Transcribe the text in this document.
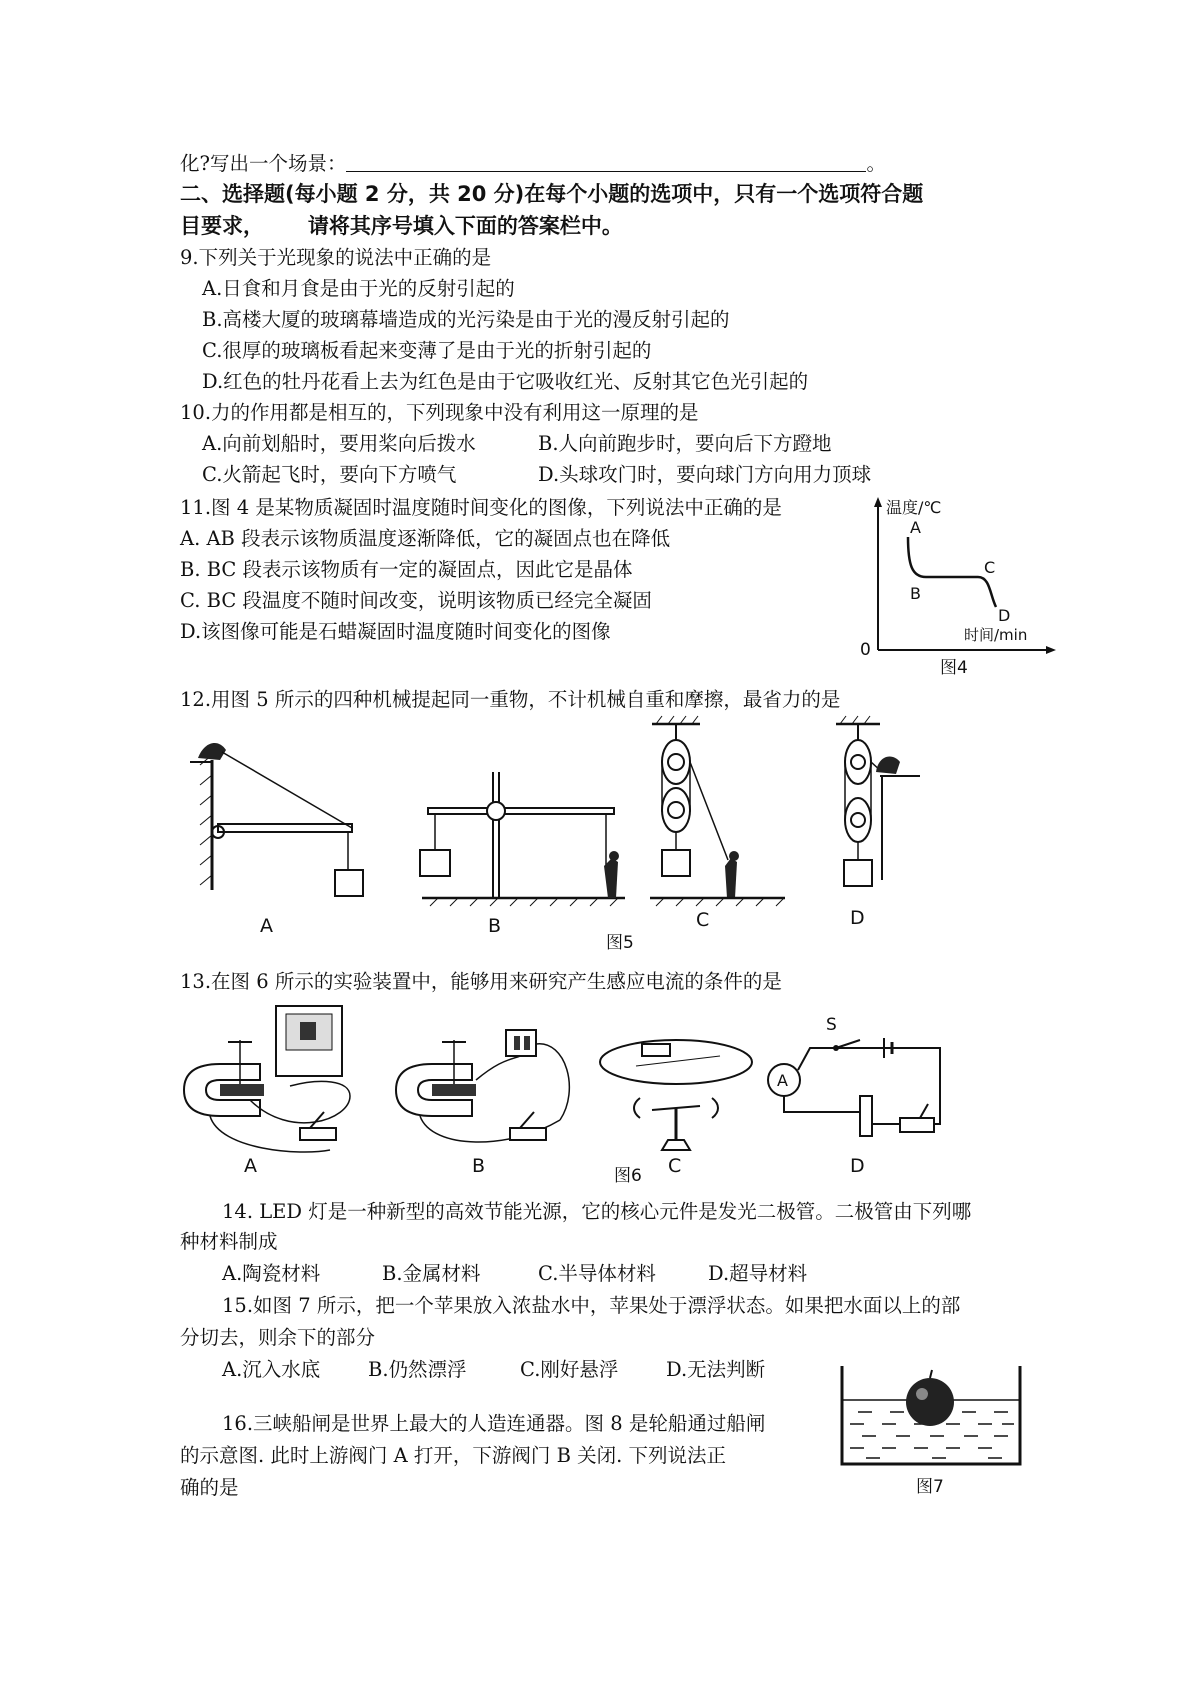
化?写出一个场景：	。
二、选择题(每小题 2 分，共 20 分)在每个小题的选项中，只有一个选项符合题
目要求，      请将其序号填入下面的答案栏中。
9.下列关于光现象的说法中正确的是
A.日食和月食是由于光的反射引起的
B.高楼大厦的玻璃幕墙造成的光污染是由于光的漫反射引起的
C.很厚的玻璃板看起来变薄了是由于光的折射引起的
D.红色的牡丹花看上去为红色是由于它吸收红光、反射其它色光引起的
10.力的作用都是相互的，下列现象中没有利用这一原理的是
A.向前划船时，要用桨向后拨水	B.人向前跑步时，要向后下方蹬地
C.火箭起飞时，要向下方喷气	D.头球攻门时，要向球门方向用力顶球
11.图 4 是某物质凝固时温度随时间变化的图像，下列说法中正确的是
A. AB 段表示该物质温度逐渐降低，它的凝固点也在降低
B. BC 段表示该物质有一定的凝固点，因此它是晶体
C. BC 段温度不随时间改变，说明该物质已经完全凝固
D.该图像可能是石蜡凝固时温度随时间变化的图像
温度/℃
时间/min
0
A
B
C
D
图4
12.用图 5 所示的四种机械提起同一重物，不计机械自重和摩擦，最省力的是
A	B	C	D
图5
13.在图 6 所示的实验装置中，能够用来研究产生感应电流的条件的是
A	B	C
S
A
D
图6
14. LED 灯是一种新型的高效节能光源，它的核心元件是发光二极管。二极管由下列哪
种材料制成
A.陶瓷材料	B.金属材料	C.半导体材料	D.超导材料
15.如图 7 所示，把一个苹果放入浓盐水中，苹果处于漂浮状态。如果把水面以上的部
分切去，则余下的部分
A.沉入水底 B.仍然漂浮	C.刚好悬浮 D.无法判断
图7
16.三峡船闸是世界上最大的人造连通器。图 8 是轮船通过船闸
的示意图. 此时上游阀门 A 打开，下游阀门 B 关闭. 下列说法正
确的是
